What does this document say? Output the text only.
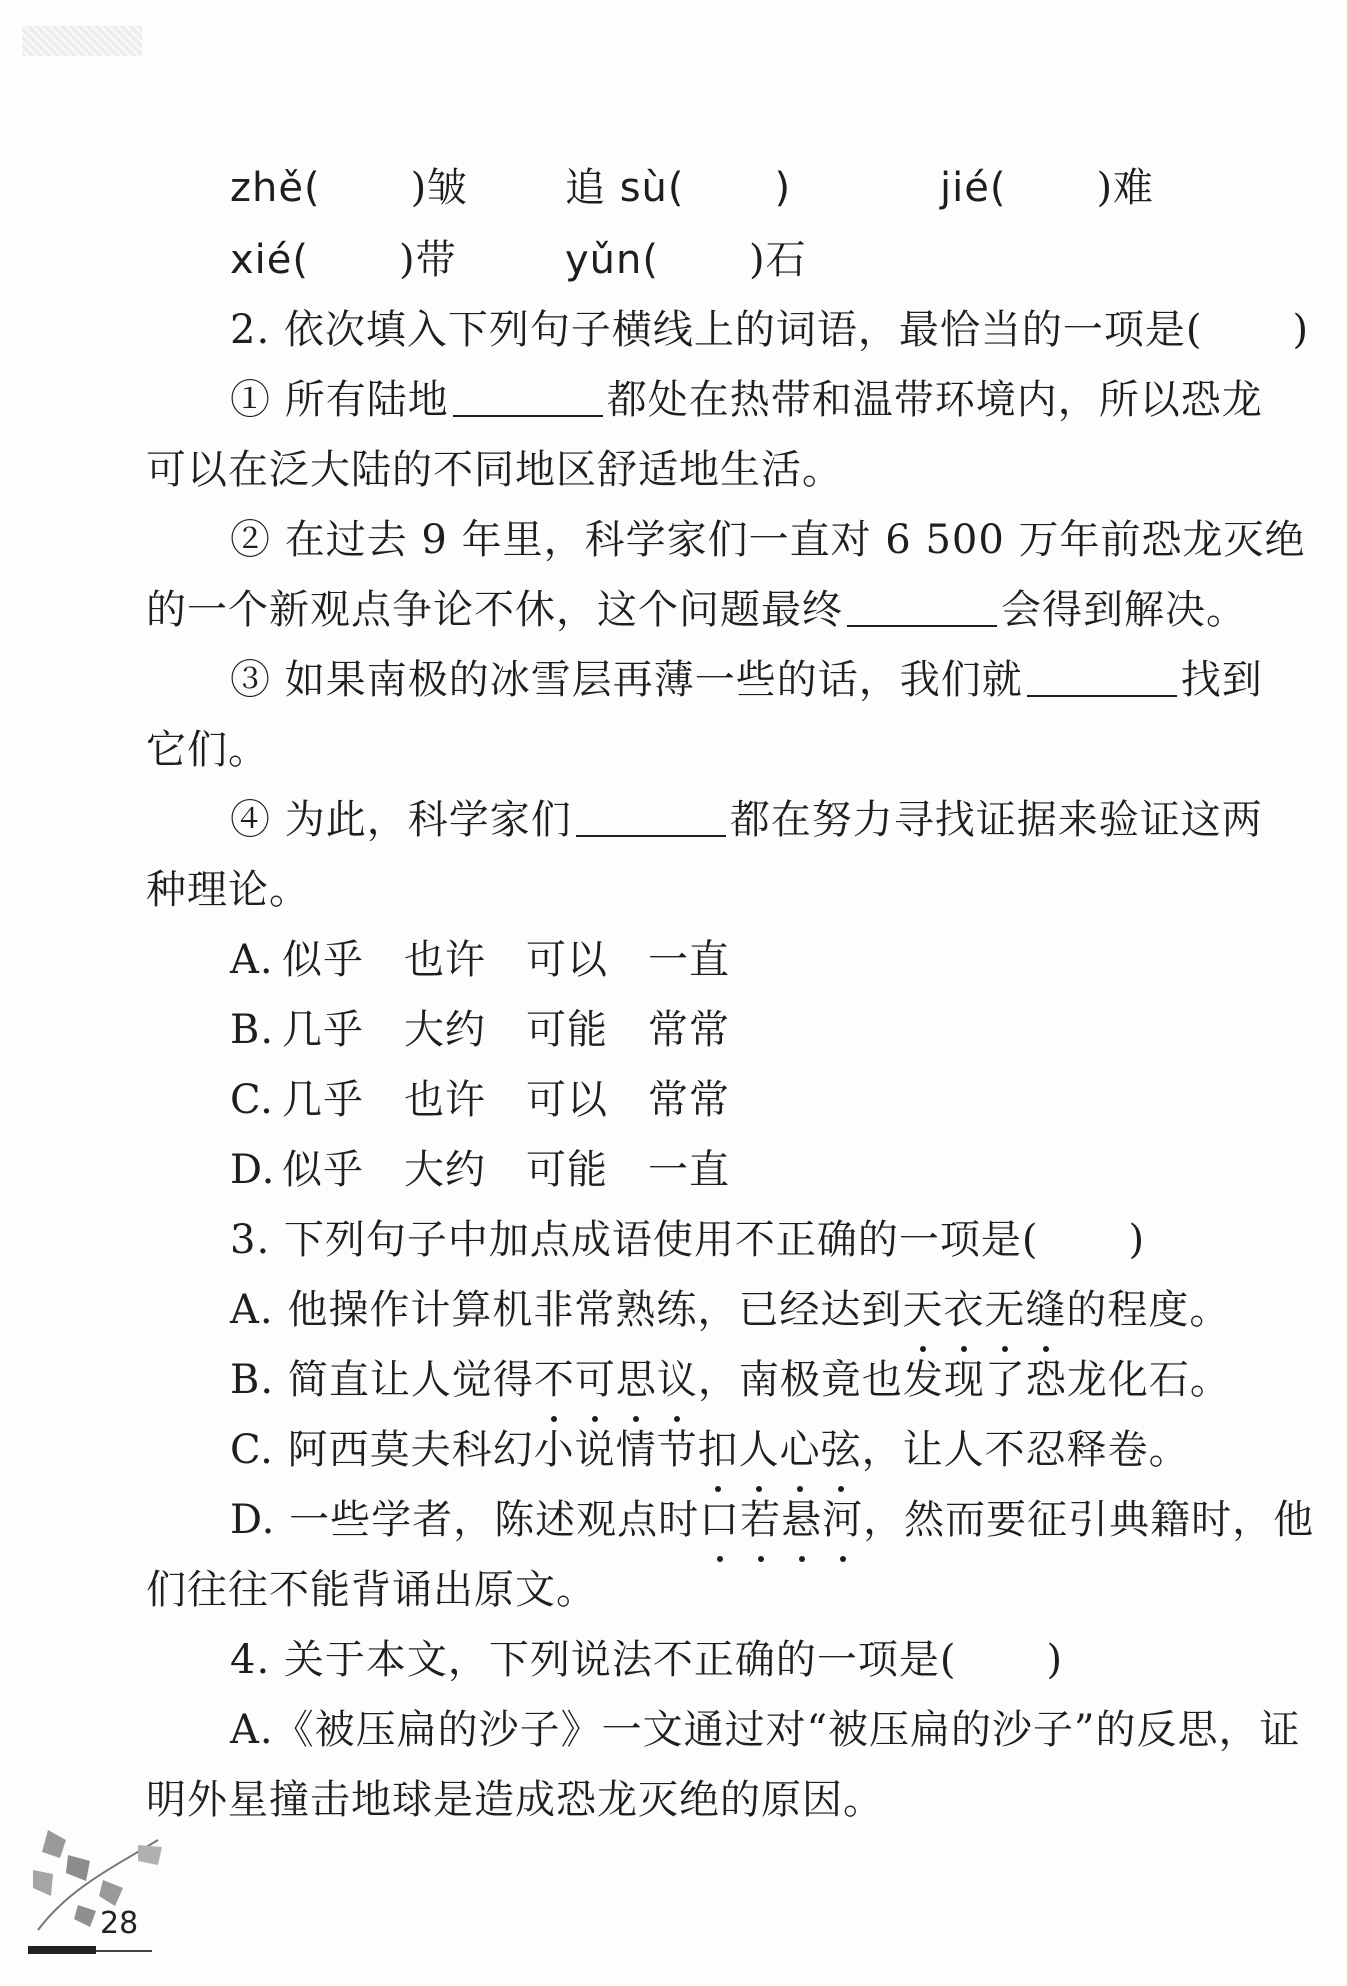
zhě( )皱 追 sù( )	jié( )难
xié( )带	yǔn( )石
2. 依次填入下列句子横线上的词语，最恰当的一项是( )
① 所有陆地	都处在热带和温带环境内，所以恐龙
可以在泛大陆的不同地区舒适地生活。
② 在过去 9 年里，科学家们一直对 6 500 万年前恐龙灭绝
的一个新观点争论不休，这个问题最终	会得到解决。
③ 如果南极的冰雪层再薄一些的话，我们就	找到
它们。
④ 为此，科学家们	都在努力寻找证据来验证这两
种理论。
A. 似乎 也许 可以 一直
B. 几乎 大约 可能 常常
C. 几乎 也许 可以 常常
D. 似乎 大约 可能 一直
3. 下列句子中加点成语使用不正确的一项是( )
A. 他操作计算机非常熟练，已经达到天衣无缝的程度。
B. 简直让人觉得不可思议，南极竟也发现了恐龙化石。
C. 阿西莫夫科幻小说情节扣人心弦，让人不忍释卷。
D. 一些学者，陈述观点时口若悬河，然而要征引典籍时，他
们往往不能背诵出原文。
4. 关于本文，下列说法不正确的一项是( )
A.《被压扁的沙子》一文通过对“被压扁的沙子”的反思，证
明外星撞击地球是造成恐龙灭绝的原因。
28
